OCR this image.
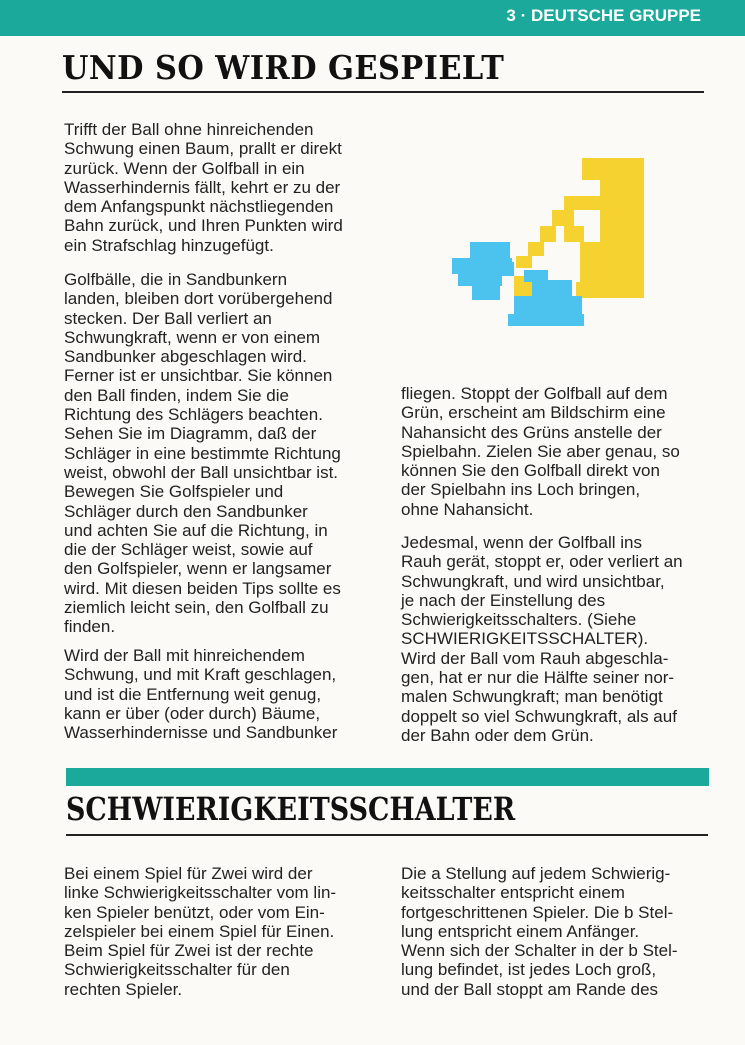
3 · DEUTSCHE GRUPPE
UND SO WIRD GESPIELT

Trifft der Ball ohne hinreichenden
Schwung einen Baum, prallt er direkt
zurück. Wenn der Golfball in ein
Wasserhindernis fällt, kehrt er zu der
dem Anfangspunkt nächstliegenden
Bahn zurück, und Ihren Punkten wird
ein Strafschlag hinzugefügt.

Golfbälle, die in Sandbunkern
landen, bleiben dort vorübergehend
stecken. Der Ball verliert an
Schwungkraft, wenn er von einem
Sandbunker abgeschlagen wird.
Ferner ist er unsichtbar. Sie können
den Ball finden, indem Sie die
Richtung des Schlägers beachten.
Sehen Sie im Diagramm, daß der
Schläger in eine bestimmte Richtung
weist, obwohl der Ball unsichtbar ist.
Bewegen Sie Golfspieler und
Schläger durch den Sandbunker
und achten Sie auf die Richtung, in
die der Schläger weist, sowie auf
den Golfspieler, wenn er langsamer
wird. Mit diesen beiden Tips sollte es
ziemlich leicht sein, den Golfball zu
finden.

Wird der Ball mit hinreichendem
Schwung, und mit Kraft geschlagen,
und ist die Entfernung weit genug,
kann er über (oder durch) Bäume,
Wasserhindernisse und Sandbunker

fliegen. Stoppt der Golfball auf dem
Grün, erscheint am Bildschirm eine
Nahansicht des Grüns anstelle der
Spielbahn. Zielen Sie aber genau, so
können Sie den Golfball direkt von
der Spielbahn ins Loch bringen,
ohne Nahansicht.

Jedesmal, wenn der Golfball ins
Rauh gerät, stoppt er, oder verliert an
Schwungkraft, und wird unsichtbar,
je nach der Einstellung des
Schwierigkeitsschalters. (Siehe
SCHWIERIGKEITSSCHALTER).
Wird der Ball vom Rauh abgeschla-
gen, hat er nur die Hälfte seiner nor-
malen Schwungkraft; man benötigt
doppelt so viel Schwungkraft, als auf
der Bahn oder dem Grün.

SCHWIERIGKEITSSCHALTER

Bei einem Spiel für Zwei wird der
linke Schwierigkeitsschalter vom lin-
ken Spieler benützt, oder vom Ein-
zelspieler bei einem Spiel für Einen.
Beim Spiel für Zwei ist der rechte
Schwierigkeitsschalter für den
rechten Spieler.

Die a Stellung auf jedem Schwierig-
keitsschalter entspricht einem
fortgeschrittenen Spieler. Die b Stel-
lung entspricht einem Anfänger.
Wenn sich der Schalter in der b Stel-
lung befindet, ist jedes Loch groß,
und der Ball stoppt am Rande des
